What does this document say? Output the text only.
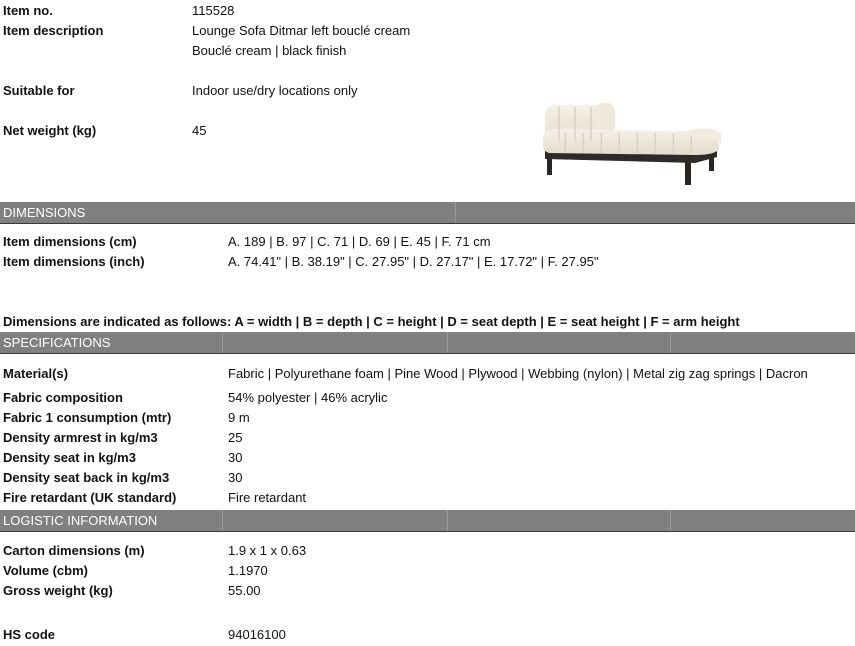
Item no.	115528
Item description	Lounge Sofa Ditmar left bouclé cream
Bouclé cream | black finish
Suitable for	Indoor use/dry locations only
Net weight (kg)	45
DIMENSIONS
Item dimensions (cm)	A. 189 | B. 97 | C. 71 | D. 69 | E. 45 | F. 71 cm
Item dimensions (inch)	A. 74.41" | B. 38.19" | C. 27.95" | D. 27.17" | E. 17.72" | F. 27.95"
Dimensions are indicated as follows: A = width | B = depth | C = height | D = seat depth | E = seat height | F = arm height
SPECIFICATIONS
Material(s)	Fabric | Polyurethane foam | Pine Wood | Plywood | Webbing (nylon) | Metal zig zag springs | Dacron
Fabric composition	54% polyester | 46% acrylic
Fabric 1 consumption (mtr)	9 m
Density armrest in kg/m3	25
Density seat in kg/m3	30
Density seat back in kg/m3	30
Fire retardant (UK standard)	Fire retardant
LOGISTIC INFORMATION
Carton dimensions (m)	1.9 x 1 x 0.63
Volume (cbm)	1.1970
Gross weight (kg)	55.00
HS code	94016100
